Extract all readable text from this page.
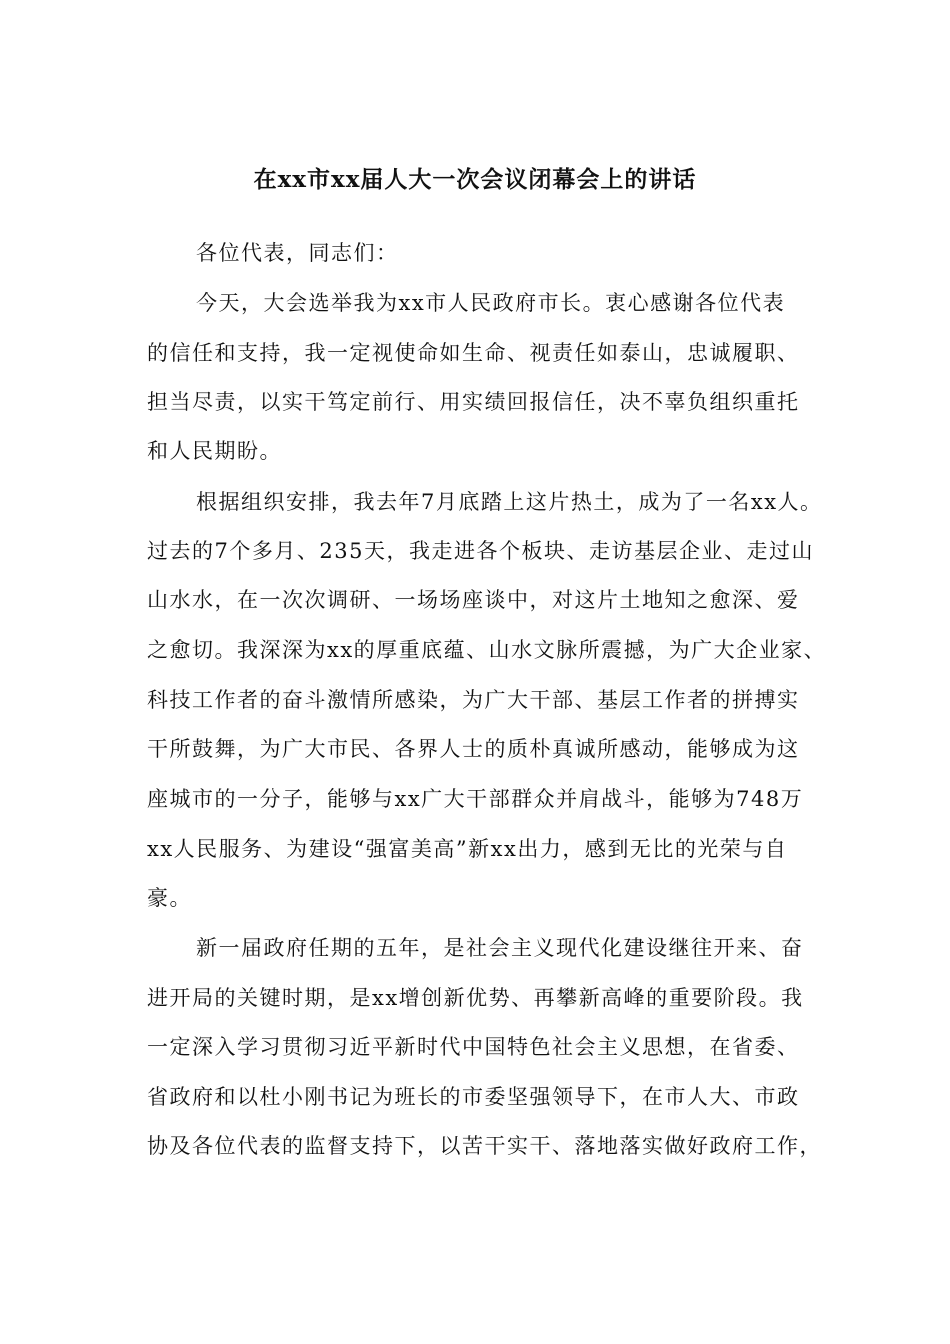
在xx市xx届人大一次会议闭幕会上的讲话

各位代表，同志们：

今天，大会选举我为xx市人民政府市长。衷心感谢各位代表

的信任和支持，我一定视使命如生命、视责任如泰山，忠诚履职、

担当尽责，以实干笃定前行、用实绩回报信任，决不辜负组织重托

和人民期盼。

根据组织安排，我去年7月底踏上这片热土，成为了一名xx人。

过去的7个多月、235天，我走进各个板块、走访基层企业、走过山

山水水，在一次次调研、一场场座谈中，对这片土地知之愈深、爱

之愈切。我深深为xx的厚重底蕴、山水文脉所震撼，为广大企业家、

科技工作者的奋斗激情所感染，为广大干部、基层工作者的拼搏实

干所鼓舞，为广大市民、各界人士的质朴真诚所感动，能够成为这

座城市的一分子，能够与xx广大干部群众并肩战斗，能够为748万

xx人民服务、为建设“强富美高”新xx出力，感到无比的光荣与自

豪。

新一届政府任期的五年，是社会主义现代化建设继往开来、奋

进开局的关键时期，是xx增创新优势、再攀新高峰的重要阶段。我

一定深入学习贯彻习近平新时代中国特色社会主义思想，在省委、

省政府和以杜小刚书记为班长的市委坚强领导下，在市人大、市政

协及各位代表的监督支持下，以苦干实干、落地落实做好政府工作，
